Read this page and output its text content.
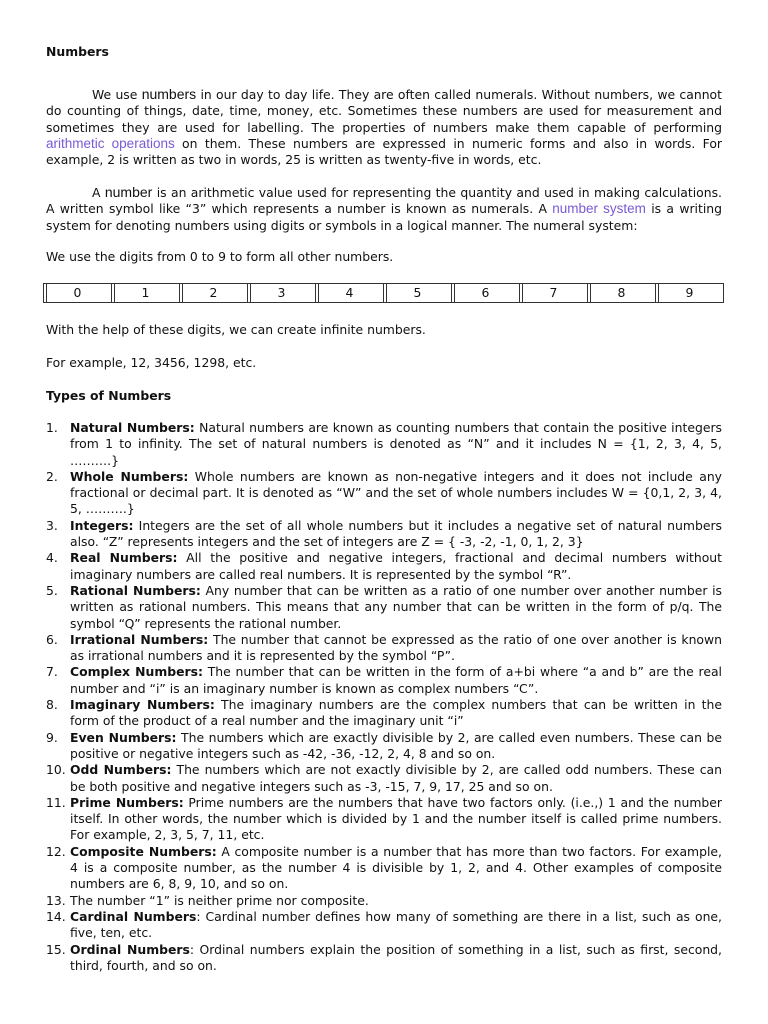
Numbers

We use numbers in our day to day life. They are often called numerals. Without numbers, we cannot do counting of things, date, time, money, etc. Sometimes these numbers are used for measurement and sometimes they are used for labelling. The properties of numbers make them capable of performing arithmetic operations on them. These numbers are expressed in numeric forms and also in words. For example, 2 is written as two in words, 25 is written as twenty-five in words, etc.

A number is an arithmetic value used for representing the quantity and used in making calculations. A written symbol like “3” which represents a number is known as numerals. A number system is a writing system for denoting numbers using digits or symbols in a logical manner. The numeral system:

We use the digits from 0 to 9 to form all other numbers.

0	1	2	3	4	5	6	7	8	9

With the help of these digits, we can create infinite numbers.

For example, 12, 3456, 1298, etc.

Types of Numbers
1. Natural Numbers: Natural numbers are known as counting numbers that contain the positive integers from 1 to infinity. The set of natural numbers is denoted as “N” and it includes N = {1, 2, 3, 4, 5, ……….}
2. Whole Numbers: Whole numbers are known as non-negative integers and it does not include any fractional or decimal part. It is denoted as “W” and the set of whole numbers includes W = {0,1, 2, 3, 4, 5, ……….}
3. Integers: Integers are the set of all whole numbers but it includes a negative set of natural numbers also. “Z” represents integers and the set of integers are Z = { -3, -2, -1, 0, 1, 2, 3}
4. Real Numbers: All the positive and negative integers, fractional and decimal numbers without imaginary numbers are called real numbers. It is represented by the symbol “R”.
5. Rational Numbers: Any number that can be written as a ratio of one number over another number is written as rational numbers. This means that any number that can be written in the form of p/q. The symbol “Q” represents the rational number.
6. Irrational Numbers: The number that cannot be expressed as the ratio of one over another is known as irrational numbers and it is represented by the symbol “P”.
7. Complex Numbers: The number that can be written in the form of a+bi where “a and b” are the real number and “i” is an imaginary number is known as complex numbers “C”.
8. Imaginary Numbers: The imaginary numbers are the complex numbers that can be written in the form of the product of a real number and the imaginary unit “i”
9. Even Numbers: The numbers which are exactly divisible by 2, are called even numbers. These can be positive or negative integers such as -42, -36, -12, 2, 4, 8 and so on.
10. Odd Numbers: The numbers which are not exactly divisible by 2, are called odd numbers. These can be both positive and negative integers such as -3, -15, 7, 9, 17, 25 and so on.
11. Prime Numbers: Prime numbers are the numbers that have two factors only. (i.e.,) 1 and the number itself. In other words, the number which is divided by 1 and the number itself is called prime numbers. For example, 2, 3, 5, 7, 11, etc.
12. Composite Numbers: A composite number is a number that has more than two factors. For example, 4 is a composite number, as the number 4 is divisible by 1, 2, and 4. Other examples of composite numbers are 6, 8, 9, 10, and so on.
13. The number “1” is neither prime nor composite.
14. Cardinal Numbers: Cardinal number defines how many of something are there in a list, such as one, five, ten, etc.
15. Ordinal Numbers: Ordinal numbers explain the position of something in a list, such as first, second, third, fourth, and so on.
